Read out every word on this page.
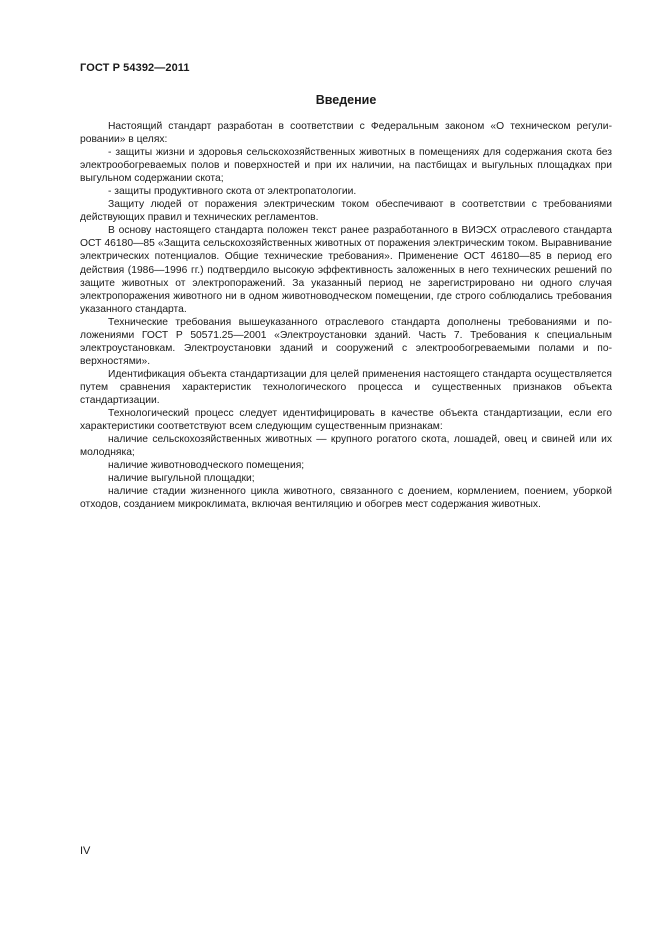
ГОСТ Р 54392—2011
Введение

Настоящий стандарт разработан в соответствии с Федеральным законом «О техническом регулировании» в целях:

- защиты жизни и здоровья сельскохозяйственных животных в помещениях для содержания скота без электрообогреваемых полов и поверхностей и при их наличии, на пастбищах и выгульных площадках при выгульном содержании скота;

- защиты продуктивного скота от электропатологии.

Защиту людей от поражения электрическим током обеспечивают в соответствии с требованиями действующих правил и технических регламентов.

В основу настоящего стандарта положен текст ранее разработанного в ВИЭСХ отраслевого стандарта ОСТ 46180—85 «Защита сельскохозяйственных животных от поражения электрическим током. Выравнивание электрических потенциалов. Общие технические требования». Применение ОСТ 46180—85 в период его действия (1986—1996 гг.) подтвердило высокую эффективность заложенных в него технических решений по защите животных от электропоражений. За указанный период не зарегистрировано ни одного случая электропоражения животного ни в одном животноводческом помещении, где строго соблюдались требования указанного стандарта.

Технические требования вышеуказанного отраслевого стандарта дополнены требованиями и положениями ГОСТ Р 50571.25—2001 «Электроустановки зданий. Часть 7. Требования к специальным электроустановкам. Электроустановки зданий и сооружений с электрообогреваемыми полами и поверхностями».

Идентификация объекта стандартизации для целей применения настоящего стандарта осуществляется путем сравнения характеристик технологического процесса и существенных признаков объекта стандартизации.

Технологический процесс следует идентифицировать в качестве объекта стандартизации, если его характеристики соответствуют всем следующим существенным признакам:

наличие сельскохозяйственных животных — крупного рогатого скота, лошадей, овец и свиней или их молодняка;

наличие животноводческого помещения;

наличие выгульной площадки;

наличие стадии жизненного цикла животного, связанного с доением, кормлением, поением, уборкой отходов, созданием микроклимата, включая вентиляцию и обогрев мест содержания животных.

IV
